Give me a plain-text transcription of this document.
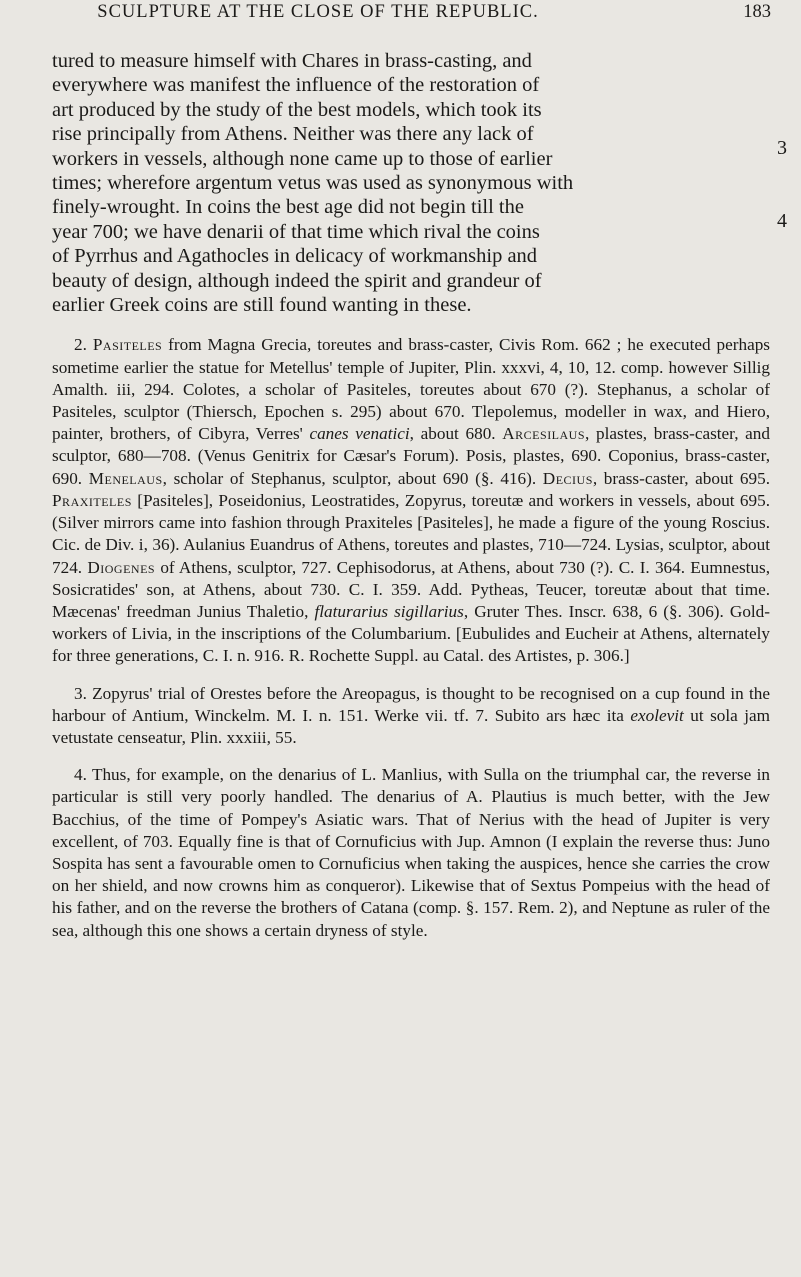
SCULPTURE AT THE CLOSE OF THE REPUBLIC.	183
tured to measure himself with Chares in brass-casting, and
everywhere was manifest the influence of the restoration of
art produced by the study of the best models, which took its
rise principally from Athens. Neither was there any lack of
workers in vessels, although none came up to those of earlier
times; wherefore argentum vetus was used as synonymous with
finely-wrought. In coins the best age did not begin till the
year 700; we have denarii of that time which rival the coins
of Pyrrhus and Agathocles in delicacy of workmanship and
beauty of design, although indeed the spirit and grandeur of
earlier Greek coins are still found wanting in these.
3
4

2. Pasiteles from Magna Grecia, toreutes and brass-caster, Civis Rom. 662 ; he executed perhaps sometime earlier the statue for Metellus' temple of Jupiter, Plin. xxxvi, 4, 10, 12. comp. however Sillig Amalth. iii, 294. Colotes, a scholar of Pasiteles, toreutes about 670 (?). Stephanus, a scholar of Pasiteles, sculptor (Thiersch, Epochen s. 295) about 670. Tlepolemus, modeller in wax, and Hiero, painter, brothers, of Cibyra, Verres' canes venatici, about 680. Arcesilaus, plastes, brass-caster, and sculptor, 680—708. (Venus Genitrix for Cæsar's Forum). Posis, plastes, 690. Coponius, brass-caster, 690. Menelaus, scholar of Stephanus, sculptor, about 690 (§. 416). Decius, brass-caster, about 695. Praxiteles [Pasiteles], Poseidonius, Leostratides, Zopyrus, toreutæ and workers in vessels, about 695. (Silver mirrors came into fashion through Praxiteles [Pasiteles], he made a figure of the young Roscius. Cic. de Div. i, 36). Aulanius Euandrus of Athens, toreutes and plastes, 710—724. Lysias, sculptor, about 724. Diogenes of Athens, sculptor, 727. Cephisodorus, at Athens, about 730 (?). C. I. 364. Eumnestus, Sosicratides' son, at Athens, about 730. C. I. 359. Add. Pytheas, Teucer, toreutæ about that time. Mæcenas' freedman Junius Thaletio, flaturarius sigillarius, Gruter Thes. Inscr. 638, 6 (§. 306). Gold-workers of Livia, in the inscriptions of the Columbarium. [Eubulides and Eucheir at Athens, alternately for three generations, C. I. n. 916. R. Rochette Suppl. au Catal. des Artistes, p. 306.]

3. Zopyrus' trial of Orestes before the Areopagus, is thought to be recognised on a cup found in the harbour of Antium, Winckelm. M. I. n. 151. Werke vii. tf. 7. Subito ars hæc ita exolevit ut sola jam vetustate censeatur, Plin. xxxiii, 55.

4. Thus, for example, on the denarius of L. Manlius, with Sulla on the triumphal car, the reverse in particular is still very poorly handled. The denarius of A. Plautius is much better, with the Jew Bacchius, of the time of Pompey's Asiatic wars. That of Nerius with the head of Jupiter is very excellent, of 703. Equally fine is that of Cornuficius with Jup. Amnon (I explain the reverse thus: Juno Sospita has sent a favourable omen to Cornuficius when taking the auspices, hence she carries the crow on her shield, and now crowns him as conqueror). Likewise that of Sextus Pompeius with the head of his father, and on the reverse the brothers of Catana (comp. §. 157. Rem. 2), and Neptune as ruler of the sea, although this one shows a certain dryness of style.
